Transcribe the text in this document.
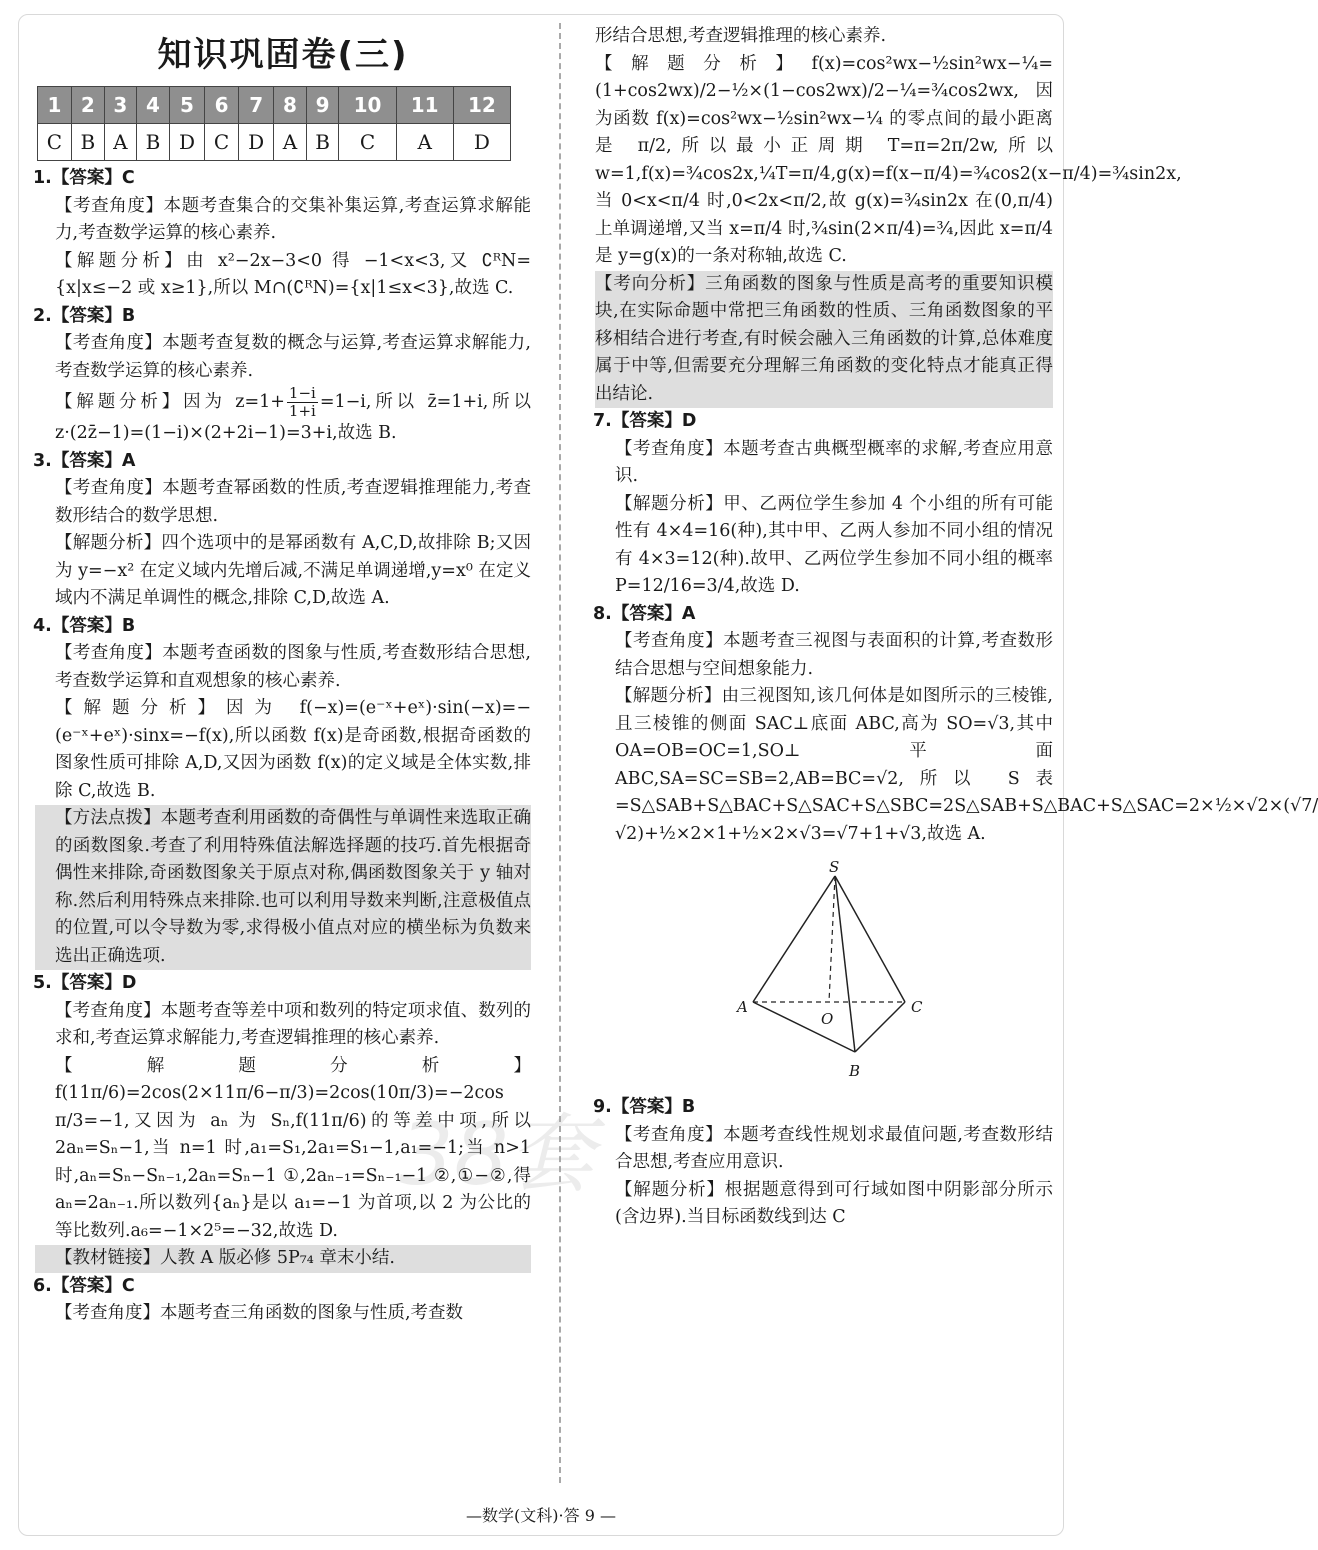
38套
知识巩固卷(三)
1	2	3	4	5	6	7	8	9	10	11	12
C	B	A	B	D	C	D	A	B	C	A	D
1.【答案】C
【考查角度】本题考查集合的交集补集运算,考查运算求解能力,考查数学运算的核心素养.
【解题分析】由 x²−2x−3<0 得 −1<x<3,又 ∁ᴿN={x|x≤−2 或 x≥1},所以 M∩(∁ᴿN)={x|1≤x<3},故选 C.
2.【答案】B
【考查角度】本题考查复数的概念与运算,考查运算求解能力,考查数学运算的核心素养.
【解题分析】因为 $z=1+ \frac{1-i}{1+i} =1-i$,所以 z̄=1+i,所以 z·(2z̄−1)=(1−i)×(2+2i−1)=3+i,故选 B.
3.【答案】A
【考查角度】本题考查幂函数的性质,考查逻辑推理能力,考查数形结合的数学思想.
【解题分析】四个选项中的是幂函数有 A,C,D,故排除 B;又因为 y=−x² 在定义域内先增后减,不满足单调递增,y=x⁰ 在定义域内不满足单调性的概念,排除 C,D,故选 A.
4.【答案】B
【考查角度】本题考查函数的图象与性质,考查数形结合思想,考查数学运算和直观想象的核心素养.
【解题分析】因为 f(−x)=(e⁻ˣ+eˣ)·sin(−x)=−(e⁻ˣ+eˣ)·sinx=−f(x),所以函数 f(x)是奇函数,根据奇函数的图象性质可排除 A,D,又因为函数 f(x)的定义域是全体实数,排除 C,故选 B.
【方法点拨】本题考查利用函数的奇偶性与单调性来选取正确的函数图象.考查了利用特殊值法解选择题的技巧.首先根据奇偶性来排除,奇函数图象关于原点对称,偶函数图象关于 y 轴对称.然后利用特殊点来排除.也可以利用导数来判断,注意极值点的位置,可以令导数为零,求得极小值点对应的横坐标为负数来选出正确选项.
5.【答案】D
【考查角度】本题考查等差中项和数列的特定项求值、数列的求和,考查运算求解能力,考查逻辑推理的核心素养.
【解题分析】f(11π/6)=2cos(2×11π/6−π/3)=2cos(10π/3)=−2cos π/3=−1,又因为 aₙ 为 Sₙ,f(11π/6)的等差中项,所以 2aₙ=Sₙ−1,当 n=1 时,a₁=S₁,2a₁=S₁−1,a₁=−1;当 n>1 时,aₙ=Sₙ−Sₙ₋₁,2aₙ=Sₙ−1 ①,2aₙ₋₁=Sₙ₋₁−1 ②,①−②,得 aₙ=2aₙ₋₁.所以数列{aₙ}是以 a₁=−1 为首项,以 2 为公比的等比数列.a₆=−1×2⁵=−32,故选 D.
【教材链接】人教 A 版必修 5P₇₄ 章末小结.
6.【答案】C
【考查角度】本题考查三角函数的图象与性质,考查数
形结合思想,考查逻辑推理的核心素养.
【解题分析】f(x)=cos²wx−½sin²wx−¼=(1+cos2wx)/2−½×(1−cos2wx)/2−¼=¾cos2wx,因为函数 f(x)=cos²wx−½sin²wx−¼ 的零点间的最小距离是 π/2,所以最小正周期 T=π=2π/2w,所以 w=1,f(x)=¾cos2x,¼T=π/4,g(x)=f(x−π/4)=¾cos2(x−π/4)=¾sin2x,当 0<x<π/4 时,0<2x<π/2,故 g(x)=¾sin2x 在(0,π/4)上单调递增,又当 x=π/4 时,¾sin(2×π/4)=¾,因此 x=π/4 是 y=g(x)的一条对称轴,故选 C.
【考向分析】三角函数的图象与性质是高考的重要知识模块,在实际命题中常把三角函数的性质、三角函数图象的平移相结合进行考查,有时候会融入三角函数的计算,总体难度属于中等,但需要充分理解三角函数的变化特点才能真正得出结论.
7.【答案】D
【考查角度】本题考查古典概型概率的求解,考查应用意识.
【解题分析】甲、乙两位学生参加 4 个小组的所有可能性有 4×4=16(种),其中甲、乙两人参加不同小组的情况有 4×3=12(种).故甲、乙两位学生参加不同小组的概率 P=12/16=3/4,故选 D.
8.【答案】A
【考查角度】本题考查三视图与表面积的计算,考查数形结合思想与空间想象能力.
【解题分析】由三视图知,该几何体是如图所示的三棱锥,且三棱锥的侧面 SAC⊥底面 ABC,高为 SO=√3,其中 OA=OB=OC=1,SO⊥平面 ABC,SA=SC=SB=2,AB=BC=√2,所以 S表=S△SAB+S△BAC+S△SAC+S△SBC=2S△SAB+S△BAC+S△SAC=2×½×√2×(√7/√2)+½×2×1+½×2×√3=√7+1+√3,故选 A.
S
A	C
O
B
9.【答案】B
【考查角度】本题考查线性规划求最值问题,考查数形结合思想,考查应用意识.
【解题分析】根据题意得到可行域如图中阴影部分所示(含边界).当目标函数线到达 C
—数学(文科)·答 9 —
